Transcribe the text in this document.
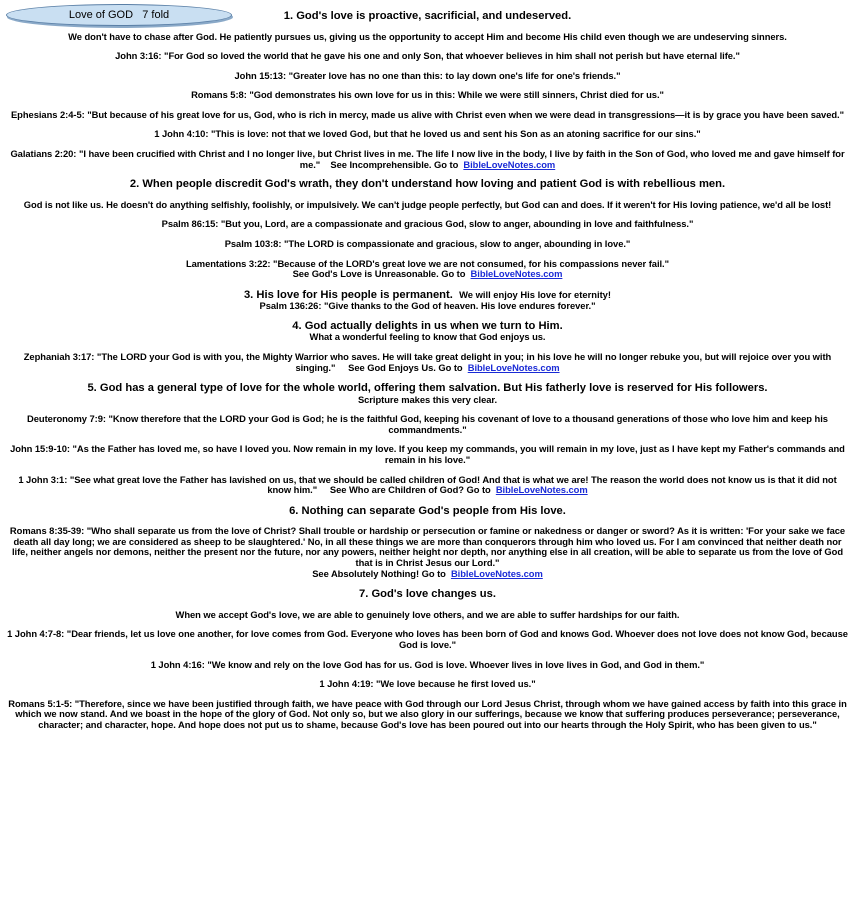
Love of GOD   7 fold	1. God's love is proactive, sacrificial, and undeserved.

We don't have to chase after God. He patiently pursues us, giving us the opportunity to accept Him and become His child even though we are undeserving sinners.

John 3:16: "For God so loved the world that he gave his one and only Son, that whoever believes in him shall not perish but have eternal life."

John 15:13: "Greater love has no one than this: to lay down one's life for one's friends."

Romans 5:8: "God demonstrates his own love for us in this: While we were still sinners, Christ died for us."

Ephesians 2:4-5: "But because of his great love for us, God, who is rich in mercy, made us alive with Christ even when we were dead in transgressions—it is by grace you have been saved."

1 John 4:10: "This is love: not that we loved God, but that he loved us and sent his Son as an atoning sacrifice for our sins."

Galatians 2:20: "I have been crucified with Christ and I no longer live, but Christ lives in me. The life I now live in the body, I live by faith in the Son of God, who loved me and gave himself for me." See Incomprehensible. Go to BibleLoveNotes.com

2. When people discredit God's wrath, they don't understand how loving and patient God is with rebellious men.

God is not like us. He doesn't do anything selfishly, foolishly, or impulsively. We can't judge people perfectly, but God can and does. If it weren't for His loving patience, we'd all be lost!

Psalm 86:15: "But you, Lord, are a compassionate and gracious God, slow to anger, abounding in love and faithfulness."

Psalm 103:8: "The LORD is compassionate and gracious, slow to anger, abounding in love."

Lamentations 3:22: "Because of the LORD's great love we are not consumed, for his compassions never fail."

See God's Love is Unreasonable. Go to BibleLoveNotes.com

3. His love for His people is permanent. We will enjoy His love for eternity!

Psalm 136:26: "Give thanks to the God of heaven. His love endures forever."

4. God actually delights in us when we turn to Him.

What a wonderful feeling to know that God enjoys us.

Zephaniah 3:17: "The LORD your God is with you, the Mighty Warrior who saves. He will take great delight in you; in his love he will no longer rebuke you, but will rejoice over you with singing." See God Enjoys Us. Go to BibleLoveNotes.com

5. God has a general type of love for the whole world, offering them salvation. But His fatherly love is reserved for His followers.

Scripture makes this very clear.

Deuteronomy 7:9: "Know therefore that the LORD your God is God; he is the faithful God, keeping his covenant of love to a thousand generations of those who love him and keep his commandments."

John 15:9-10: "As the Father has loved me, so have I loved you. Now remain in my love. If you keep my commands, you will remain in my love, just as I have kept my Father's commands and remain in his love."

1 John 3:1: "See what great love the Father has lavished on us, that we should be called children of God! And that is what we are! The reason the world does not know us is that it did not know him." See Who are Children of God? Go to BibleLoveNotes.com

6. Nothing can separate God's people from His love.

Romans 8:35-39: "Who shall separate us from the love of Christ? Shall trouble or hardship or persecution or famine or nakedness or danger or sword? As it is written: 'For your sake we face death all day long; we are considered as sheep to be slaughtered.' No, in all these things we are more than conquerors through him who loved us. For I am convinced that neither death nor life, neither angels nor demons, neither the present nor the future, nor any powers, neither height nor depth, nor anything else in all creation, will be able to separate us from the love of God that is in Christ Jesus our Lord."

See Absolutely Nothing! Go to BibleLoveNotes.com

7. God's love changes us.

When we accept God's love, we are able to genuinely love others, and we are able to suffer hardships for our faith.

1 John 4:7-8: "Dear friends, let us love one another, for love comes from God. Everyone who loves has been born of God and knows God. Whoever does not love does not know God, because God is love."

1 John 4:16: "We know and rely on the love God has for us. God is love. Whoever lives in love lives in God, and God in them."

1 John 4:19: "We love because he first loved us."

Romans 5:1-5: "Therefore, since we have been justified through faith, we have peace with God through our Lord Jesus Christ, through whom we have gained access by faith into this grace in which we now stand. And we boast in the hope of the glory of God. Not only so, but we also glory in our sufferings, because we know that suffering produces perseverance; perseverance, character; and character, hope. And hope does not put us to shame, because God's love has been poured out into our hearts through the Holy Spirit, who has been given to us."
